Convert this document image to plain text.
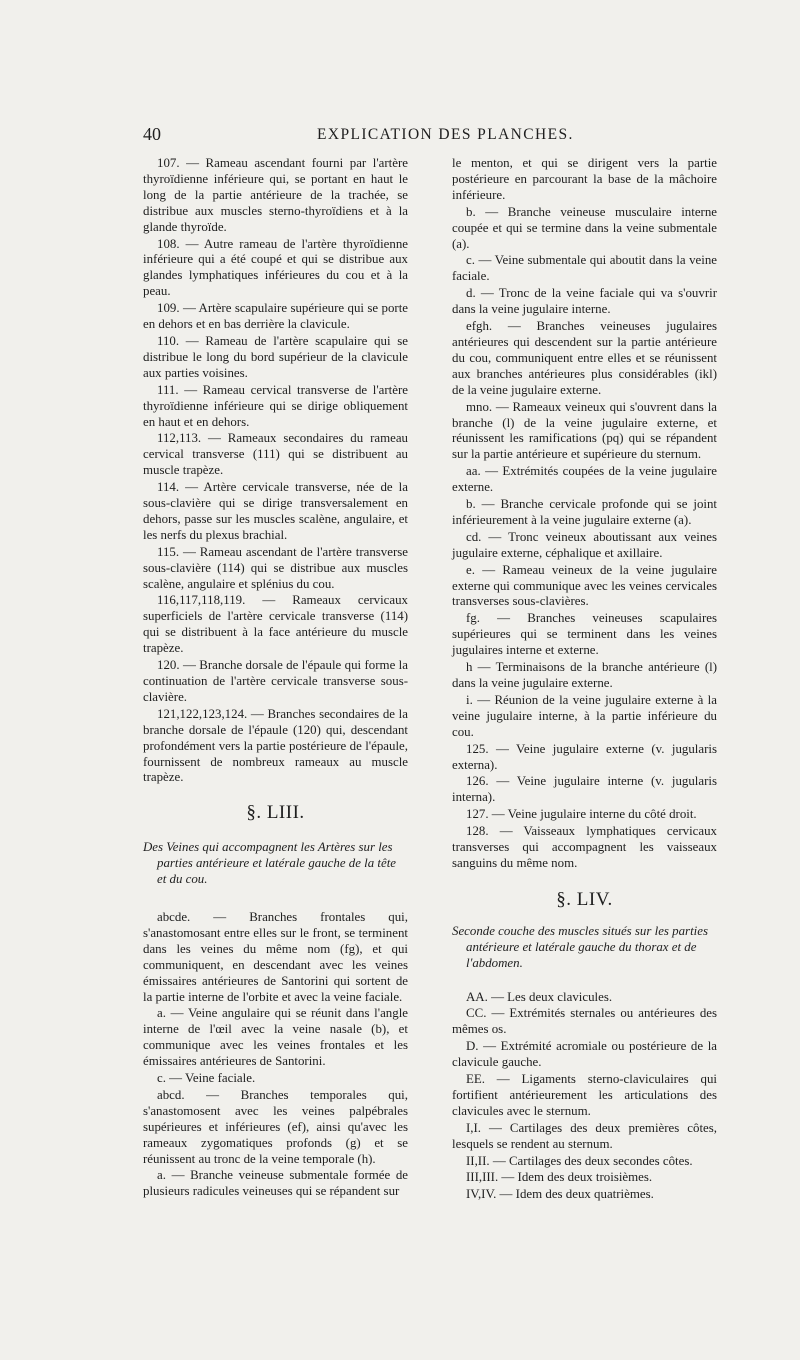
40	EXPLICATION DES PLANCHES.

107. — Rameau ascendant fourni par l'artère thyroïdienne inférieure qui, se portant en haut le long de la partie antérieure de la trachée, se distribue aux muscles sterno-thyroïdiens et à la glande thyroïde.

108. — Autre rameau de l'artère thyroïdienne inférieure qui a été coupé et qui se distribue aux glandes lymphatiques inférieures du cou et à la peau.

109. — Artère scapulaire supérieure qui se porte en dehors et en bas derrière la clavicule.

110. — Rameau de l'artère scapulaire qui se distribue le long du bord supérieur de la clavicule aux parties voisines.

111. — Rameau cervical transverse de l'artère thyroïdienne inférieure qui se dirige obliquement en haut et en dehors.

112,113. — Rameaux secondaires du rameau cervical transverse (111) qui se distribuent au muscle trapèze.

114. — Artère cervicale transverse, née de la sous-clavière qui se dirige transversalement en dehors, passe sur les muscles scalène, angulaire, et les nerfs du plexus brachial.

115. — Rameau ascendant de l'artère transverse sous-clavière (114) qui se distribue aux muscles scalène, angulaire et splénius du cou.

116,117,118,119. — Rameaux cervicaux superficiels de l'artère cervicale transverse (114) qui se distribuent à la face antérieure du muscle trapèze.

120. — Branche dorsale de l'épaule qui forme la continuation de l'artère cervicale transverse sous-clavière.

121,122,123,124. — Branches secondaires de la branche dorsale de l'épaule (120) qui, descendant profondément vers la partie postérieure de l'épaule, fournissent de nombreux rameaux au muscle trapèze.

§. LIII.
Des Veines qui accompagnent les Artères sur les parties antérieure et latérale gauche de la tête et du cou.

abcde. — Branches frontales qui, s'anastomosant entre elles sur le front, se terminent dans les veines du même nom (fg), et qui communiquent, en descendant avec les veines émissaires antérieures de Santorini qui sortent de la partie interne de l'orbite et avec la veine faciale.

a. — Veine angulaire qui se réunit dans l'angle interne de l'œil avec la veine nasale (b), et communique avec les veines frontales et les émissaires antérieures de Santorini.

c. — Veine faciale.

abcd. — Branches temporales qui, s'anastomosent avec les veines palpébrales supérieures et inférieures (ef), ainsi qu'avec les rameaux zygomatiques profonds (g) et se réunissent au tronc de la veine temporale (h).

a. — Branche veineuse submentale formée de plusieurs radicules veineuses qui se répandent sur

le menton, et qui se dirigent vers la partie postérieure en parcourant la base de la mâchoire inférieure.

b. — Branche veineuse musculaire interne coupée et qui se termine dans la veine submentale (a).

c. — Veine submentale qui aboutit dans la veine faciale.

d. — Tronc de la veine faciale qui va s'ouvrir dans la veine jugulaire interne.

efgh. — Branches veineuses jugulaires antérieures qui descendent sur la partie antérieure du cou, communiquent entre elles et se réunissent aux branches antérieures plus considérables (ikl) de la veine jugulaire externe.

mno. — Rameaux veineux qui s'ouvrent dans la branche (l) de la veine jugulaire externe, et réunissent les ramifications (pq) qui se répandent sur la partie antérieure et supérieure du sternum.

aa. — Extrémités coupées de la veine jugulaire externe.

b. — Branche cervicale profonde qui se joint inférieurement à la veine jugulaire externe (a).

cd. — Tronc veineux aboutissant aux veines jugulaire externe, céphalique et axillaire.

e. — Rameau veineux de la veine jugulaire externe qui communique avec les veines cervicales transverses sous-clavières.

fg. — Branches veineuses scapulaires supérieures qui se terminent dans les veines jugulaires interne et externe.

h — Terminaisons de la branche antérieure (l) dans la veine jugulaire externe.

i. — Réunion de la veine jugulaire externe à la veine jugulaire interne, à la partie inférieure du cou.

125. — Veine jugulaire externe (v. jugularis externa).

126. — Veine jugulaire interne (v. jugularis interna).

127. — Veine jugulaire interne du côté droit.

128. — Vaisseaux lymphatiques cervicaux transverses qui accompagnent les vaisseaux sanguins du même nom.

§. LIV.
Seconde couche des muscles situés sur les parties antérieure et latérale gauche du thorax et de l'abdomen.

AA. — Les deux clavicules.

CC. — Extrémités sternales ou antérieures des mêmes os.

D. — Extrémité acromiale ou postérieure de la clavicule gauche.

EE. — Ligaments sterno-claviculaires qui fortifient antérieurement les articulations des clavicules avec le sternum.

I,I. — Cartilages des deux premières côtes, lesquels se rendent au sternum.

II,II. — Cartilages des deux secondes côtes.

III,III. — Idem des deux troisièmes.

IV,IV. — Idem des deux quatrièmes.
